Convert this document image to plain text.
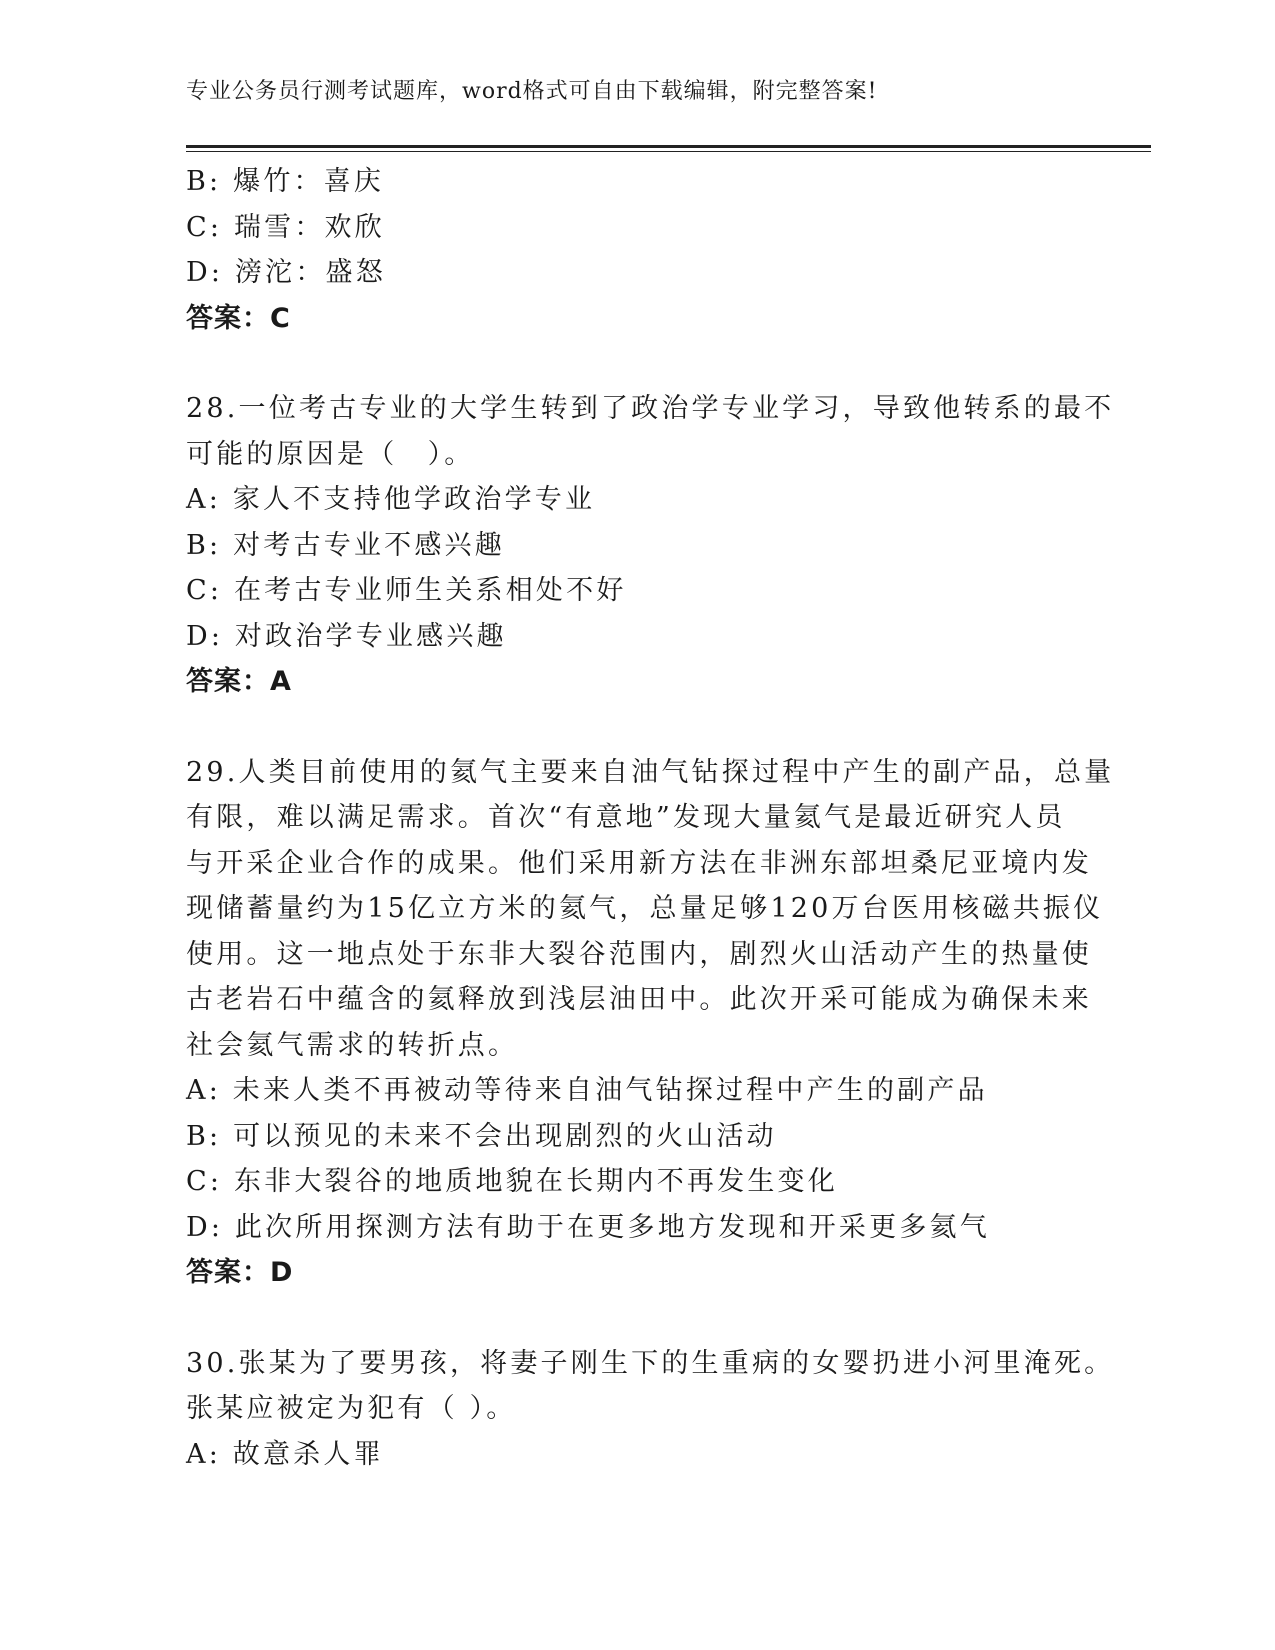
专业公务员行测考试题库，word格式可自由下载编辑，附完整答案!
B: 爆竹：喜庆
C: 瑞雪：欢欣
D: 滂沱：盛怒
答案：C
28.一位考古专业的大学生转到了政治学专业学习，导致他转系的最不
可能的原因是（　）。
A: 家人不支持他学政治学专业
B: 对考古专业不感兴趣
C: 在考古专业师生关系相处不好
D: 对政治学专业感兴趣
答案：A
29.人类目前使用的氦气主要来自油气钻探过程中产生的副产品，总量
有限，难以满足需求。首次“有意地”发现大量氦气是最近研究人员
与开采企业合作的成果。他们采用新方法在非洲东部坦桑尼亚境内发
现储蓄量约为15亿立方米的氦气，总量足够120万台医用核磁共振仪
使用。这一地点处于东非大裂谷范围内，剧烈火山活动产生的热量使
古老岩石中蕴含的氦释放到浅层油田中。此次开采可能成为确保未来
社会氦气需求的转折点。
A: 未来人类不再被动等待来自油气钻探过程中产生的副产品
B: 可以预见的未来不会出现剧烈的火山活动
C: 东非大裂谷的地质地貌在长期内不再发生变化
D: 此次所用探测方法有助于在更多地方发现和开采更多氦气
答案：D
30.张某为了要男孩，将妻子刚生下的生重病的女婴扔进小河里淹死。
张某应被定为犯有（ ）。
A: 故意杀人罪
